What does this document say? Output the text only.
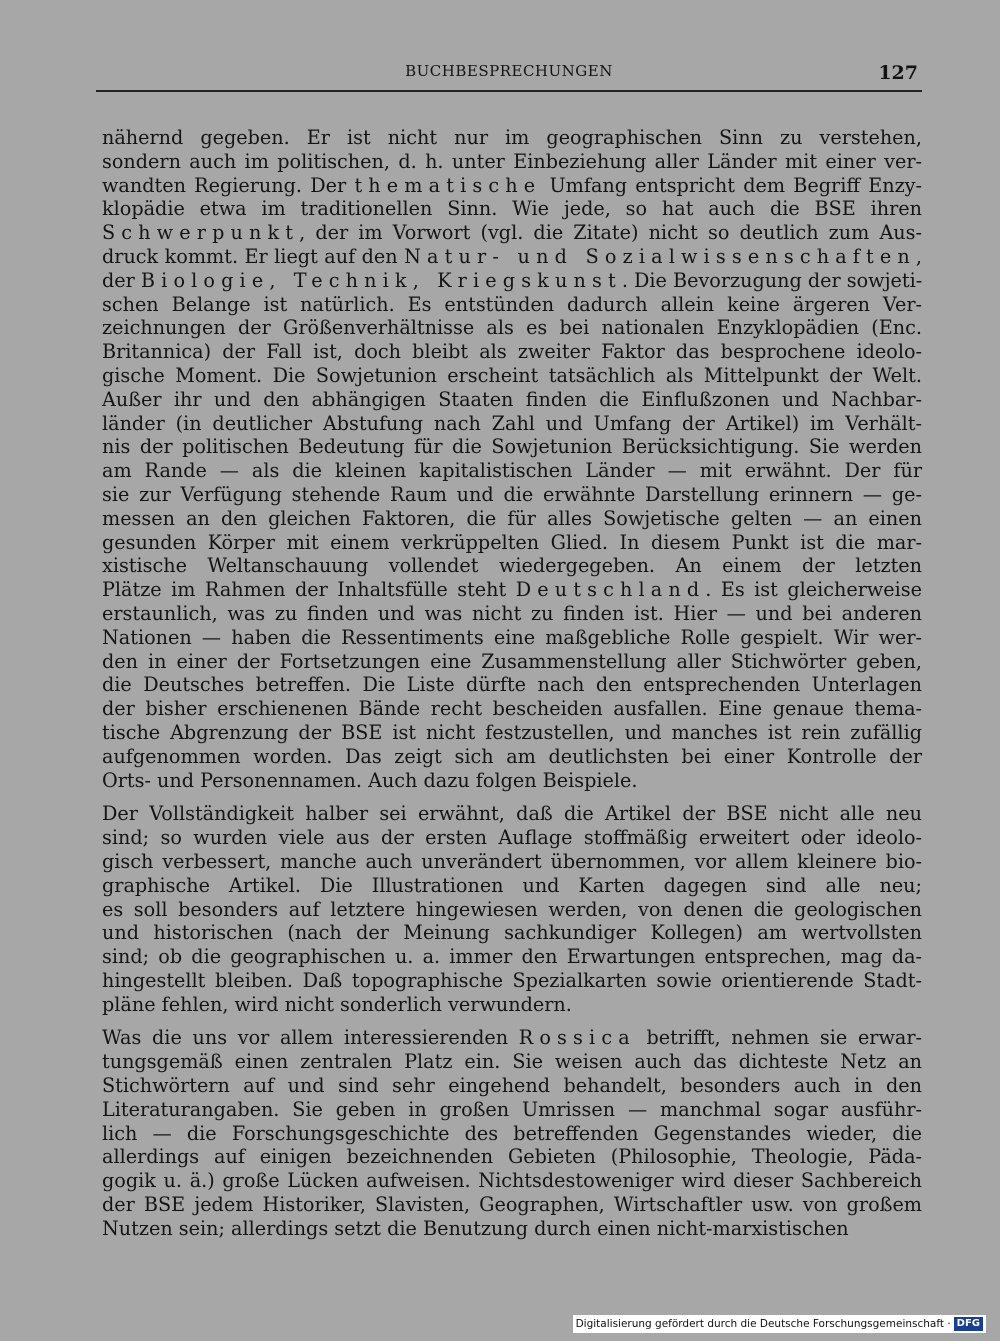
BUCHBESPRECHUNGEN	127
nähernd gegeben. Er ist nicht nur im geographischen Sinn zu verstehen,
sondern auch im politischen, d. h. unter Einbeziehung aller Länder mit einer ver-
wandten Regierung. Der thematische Umfang entspricht dem Begriff Enzy-
klopädie etwa im traditionellen Sinn. Wie jede, so hat auch die BSE ihren
Schwerpunkt, der im Vorwort (vgl. die Zitate) nicht so deutlich zum Aus-
druck kommt. Er liegt auf den Natur- und Sozialwissenschaften,
der Biologie, Technik, Kriegskunst. Die Bevorzugung der sowjeti-
schen Belange ist natürlich. Es entstünden dadurch allein keine ärgeren Ver-
zeichnungen der Größenverhältnisse als es bei nationalen Enzyklopädien (Enc.
Britannica) der Fall ist, doch bleibt als zweiter Faktor das besprochene ideolo-
gische Moment. Die Sowjetunion erscheint tatsächlich als Mittelpunkt der Welt.
Außer ihr und den abhängigen Staaten finden die Einflußzonen und Nachbar-
länder (in deutlicher Abstufung nach Zahl und Umfang der Artikel) im Verhält-
nis der politischen Bedeutung für die Sowjetunion Berücksichtigung. Sie werden
am Rande — als die kleinen kapitalistischen Länder — mit erwähnt. Der für
sie zur Verfügung stehende Raum und die erwähnte Darstellung erinnern — ge-
messen an den gleichen Faktoren, die für alles Sowjetische gelten — an einen
gesunden Körper mit einem verkrüppelten Glied. In diesem Punkt ist die mar-
xistische Weltanschauung vollendet wiedergegeben. An einem der letzten
Plätze im Rahmen der Inhaltsfülle steht Deutschland. Es ist gleicherweise
erstaunlich, was zu finden und was nicht zu finden ist. Hier — und bei anderen
Nationen — haben die Ressentiments eine maßgebliche Rolle gespielt. Wir wer-
den in einer der Fortsetzungen eine Zusammenstellung aller Stichwörter geben,
die Deutsches betreffen. Die Liste dürfte nach den entsprechenden Unterlagen
der bisher erschienenen Bände recht bescheiden ausfallen. Eine genaue thema-
tische Abgrenzung der BSE ist nicht festzustellen, und manches ist rein zufällig
aufgenommen worden. Das zeigt sich am deutlichsten bei einer Kontrolle der
Orts- und Personennamen. Auch dazu folgen Beispiele.
Der Vollständigkeit halber sei erwähnt, daß die Artikel der BSE nicht alle neu
sind; so wurden viele aus der ersten Auflage stoffmäßig erweitert oder ideolo-
gisch verbessert, manche auch unverändert übernommen, vor allem kleinere bio-
graphische Artikel. Die Illustrationen und Karten dagegen sind alle neu;
es soll besonders auf letztere hingewiesen werden, von denen die geologischen
und historischen (nach der Meinung sachkundiger Kollegen) am wertvollsten
sind; ob die geographischen u. a. immer den Erwartungen entsprechen, mag da-
hingestellt bleiben. Daß topographische Spezialkarten sowie orientierende Stadt-
pläne fehlen, wird nicht sonderlich verwundern.
Was die uns vor allem interessierenden Rossica betrifft, nehmen sie erwar-
tungsgemäß einen zentralen Platz ein. Sie weisen auch das dichteste Netz an
Stichwörtern auf und sind sehr eingehend behandelt, besonders auch in den
Literaturangaben. Sie geben in großen Umrissen — manchmal sogar ausführ-
lich — die Forschungsgeschichte des betreffenden Gegenstandes wieder, die
allerdings auf einigen bezeichnenden Gebieten (Philosophie, Theologie, Päda-
gogik u. ä.) große Lücken aufweisen. Nichtsdestoweniger wird dieser Sachbereich
der BSE jedem Historiker, Slavisten, Geographen, Wirtschaftler usw. von großem
Nutzen sein; allerdings setzt die Benutzung durch einen nicht-marxistischen
Digitalisierung gefördert durch die Deutsche Forschungsgemeinschaft · DFG
